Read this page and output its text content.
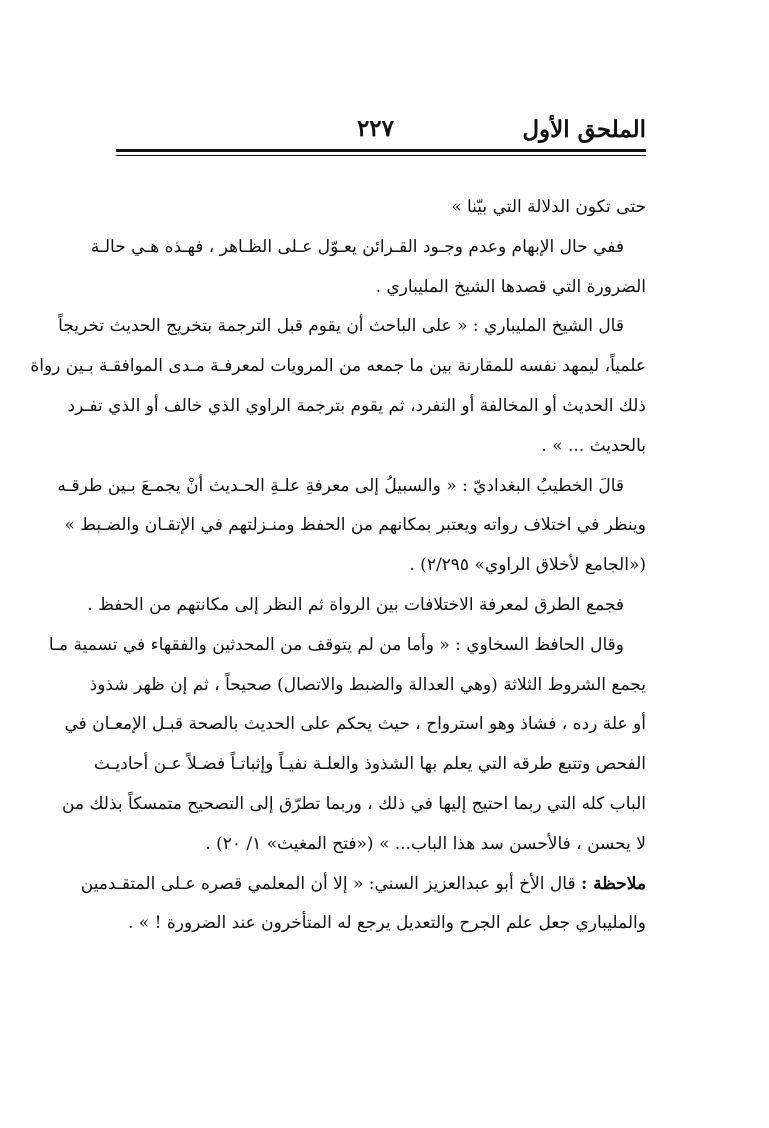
الملحق الأول
٢٢٧
حتى تكون الدلالة التي بيّنا »
ففي حال الإبهام وعدم وجـود القـرائن يعـوّل عـلى الظـاهر ، فهـذه هـي حالـة
الضرورة التي قصدها الشيخ المليباري .
قال الشيخ المليباري : « على الباحث أن يقوم قبل الترجمة بتخريج الحديث تخريجاً
علمياً، ليمهد نفسه للمقارنة بين ما جمعه من المرويات لمعرفـة مـدى الموافقـة بـين رواة
ذلك الحديث أو المخالفة أو التفرد، ثم يقوم بترجمة الراوي الذي خالف أو الذي تفـرد
بالحديث ... » .
قالَ الخطيبُ البغداديّ : « والسبيلُ إلى معرفةِ علـةِ الحـديث أنْ يجمـعَ بـين طرقـه
وينظر في اختلاف رواته ويعتبر بمكانهم من الحفظ ومنـزلتهم في الإتقـان والضـبط »
(«الجامع لأخلاق الراوي» ٢/٢٩٥) .
فجمع الطرق لمعرفة الاختلافات بين الرواة ثم النظر إلى مكانتهم من الحفظ .
وقال الحافظ السخاوي : « وأما من لم يتوقف من المحدثين والفقهاء في تسمية مـا
يجمع الشروط الثلاثة (وهي العدالة والضبط والاتصال) صحيحاً ، ثم إن ظهر شذوذ
أو علة رده ، فشاذ وهو استرواح ، حيث يحكم على الحديث بالصحة قبـل الإمعـان في
الفحص وتتبع طرقه التي يعلم بها الشذوذ والعلـة نفيـاً وإثباتـاً فضـلاً عـن أحاديـث
الباب كله التي ربما احتيج إليها في ذلك ، وربما تطرّق إلى التصحيح متمسكاً بذلك من
لا يحسن ، فالأحسن سد هذا الباب... » («فتح المغيث» ١/ ٢٠) .
ملاحظة : قال الأخ أبو عبدالعزيز السني: « إلا أن المعلمي قصره عـلى المتقـدمين
والمليباري جعل علم الجرح والتعديل يرجع له المتأخرون عند الضرورة ! » .
